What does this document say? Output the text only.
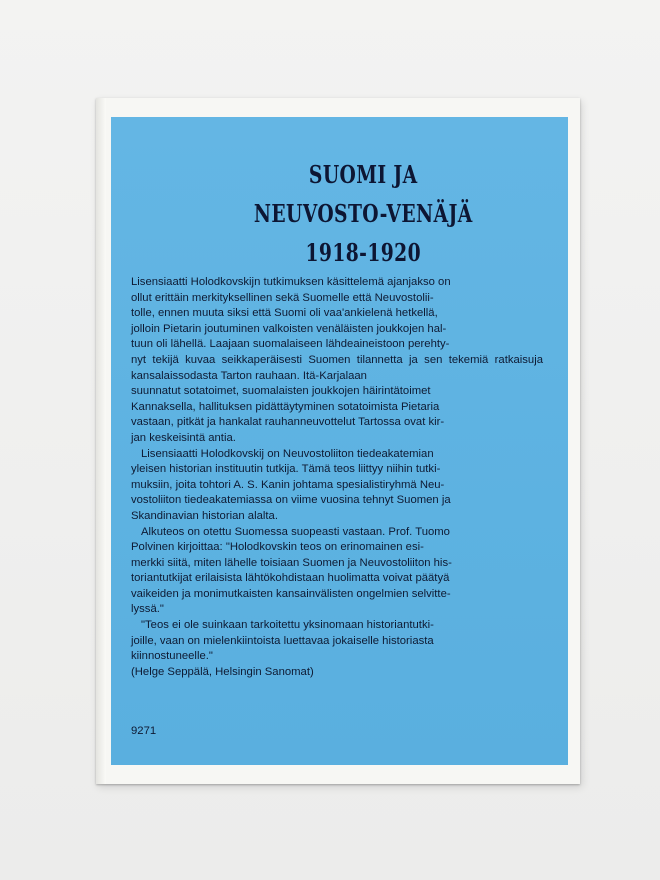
SUOMI JA
NEUVOSTO-VENÄJÄ
1918-1920

Lisensiaatti Holodkovskijn tutkimuksen käsittelemä ajanjakso on
ollut erittäin merkityksellinen sekä Suomelle että Neuvostolii-
tolle, ennen muuta siksi että Suomi oli vaa'ankielenä hetkellä,
jolloin Pietarin joutuminen valkoisten venäläisten joukkojen hal-
tuun oli lähellä. Laajaan suomalaiseen lähdeaineistoon perehty-
nyt tekijä kuvaa seikkaperäisesti Suomen tilannetta ja sen tekemiä ratkaisuja kansalaissodasta Tarton rauhaan. Itä-Karjalaan
suunnatut sotatoimet, suomalaisten joukkojen häirintätoimet
Kannaksella, hallituksen pidättäytyminen sotatoimista Pietaria
vastaan, pitkät ja hankalat rauhanneuvottelut Tartossa ovat kir-
jan keskeisintä antia.

Lisensiaatti Holodkovskij on Neuvostoliiton tiedeakatemian

yleisen historian instituutin tutkija. Tämä teos liittyy niihin tutki-
muksiin, joita tohtori A. S. Kanin johtama spesialistiryhmä Neu-
vostoliiton tiedeakatemiassa on viime vuosina tehnyt Suomen ja
Skandinavian historian alalta.

Alkuteos on otettu Suomessa suopeasti vastaan. Prof. Tuomo

Polvinen kirjoittaa: "Holodkovskin teos on erinomainen esi-
merkki siitä, miten lähelle toisiaan Suomen ja Neuvostoliiton his-
toriantutkijat erilaisista lähtökohdistaan huolimatta voivat päätyä
vaikeiden ja monimutkaisten kansainvälisten ongelmien selvitte-
lyssä."

"Teos ei ole suinkaan tarkoitettu yksinomaan historiantutki-

joille, vaan on mielenkiintoista luettavaa jokaiselle historiasta
kiinnostuneelle."
(Helge Seppälä, Helsingin Sanomat)

9271
